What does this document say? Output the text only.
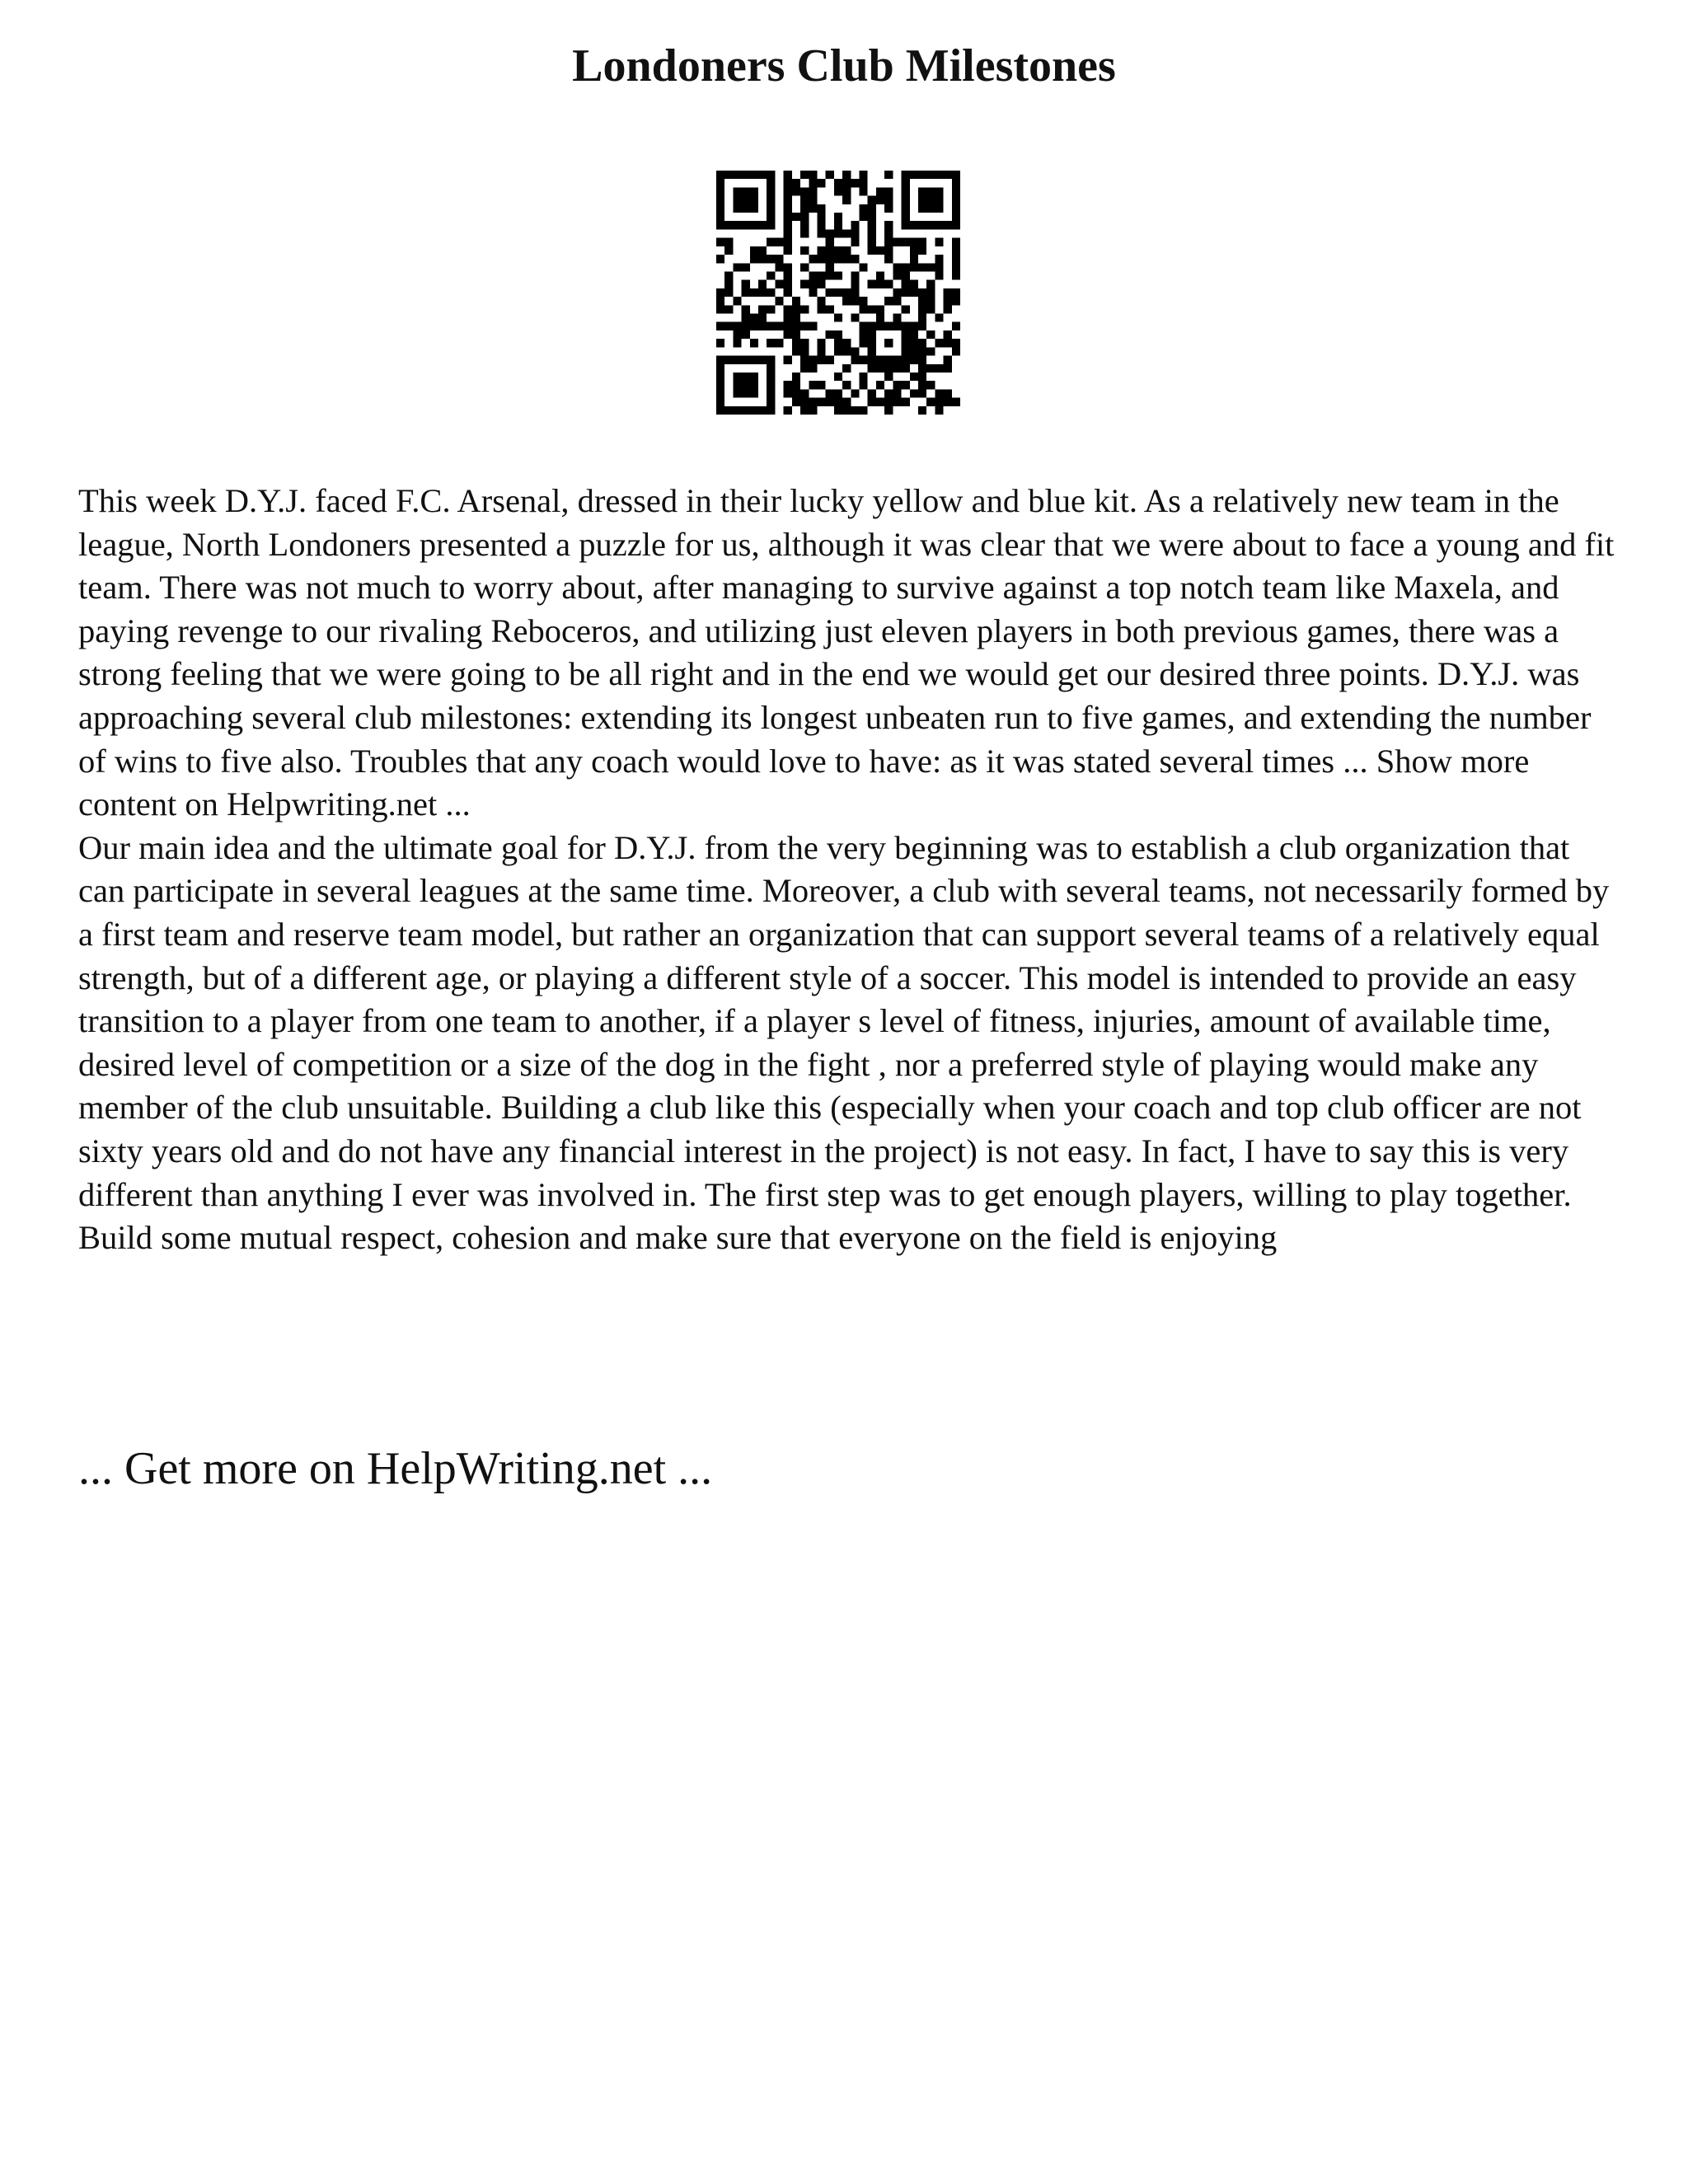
Londoners Club Milestones

This week D.Y.J. faced F.C. Arsenal, dressed in their lucky yellow and blue kit. As a relatively new team in the league, North Londoners presented a puzzle for us, although it was clear that we were about to face a young and fit team. There was not much to worry about, after managing to survive against a top notch team like Maxela, and paying revenge to our rivaling Reboceros, and utilizing just eleven players in both previous games, there was a strong feeling that we were going to be all right and in the end we would get our desired three points. D.Y.J. was approaching several club milestones: extending its longest unbeaten run to five games, and extending the number of wins to five also. Troubles that any coach would love to have: as it was stated several times ... Show more content on Helpwriting.net ...

Our main idea and the ultimate goal for D.Y.J. from the very beginning was to establish a club organization that can participate in several leagues at the same time. Moreover, a club with several teams, not necessarily formed by a first team and reserve team model, but rather an organization that can support several teams of a relatively equal strength, but of a different age, or playing a different style of a soccer. This model is intended to provide an easy transition to a player from one team to another, if a player s level of fitness, injuries, amount of available time, desired level of competition or a size of the dog in the fight , nor a preferred style of playing would make any member of the club unsuitable. Building a club like this (especially when your coach and top club officer are not sixty years old and do not have any financial interest in the project) is not easy. In fact, I have to say this is very different than anything I ever was involved in. The first step was to get enough players, willing to play together. Build some mutual respect, cohesion and make sure that everyone on the field is enjoying

... Get more on HelpWriting.net ...
